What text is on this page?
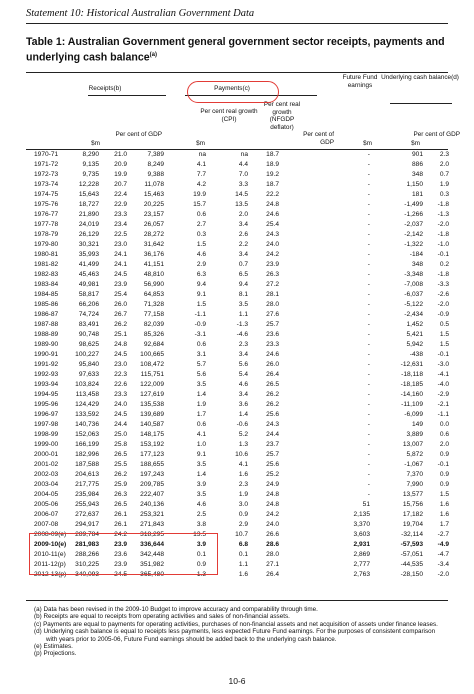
Statement 10: Historical Australian Government Data
Table 1: Australian Government general government sector receipts, payments and underlying cash balance$^{(a)}$
Receipts(b)	Payments(c)
Future Fund earnings
Underlying cash balance(d)
Per cent of GDP
Per cent real growth (CPI)
Per cent real growth (NFGDP deflator)
Per cent of GDP
Per cent of GDP
$m	$m	$m	$m
1970-71	8,290 21.0	7,389	na	na	18.7	-	901	2.3
1971-72	9,135 20.9	8,249	4.1	4.4	18.9	-	886	2.0
1972-73	9,735 19.9	9,388	7.7	7.0	19.2	-	348	0.7
1973-74	12,228 20.7	11,078	4.2	3.3	18.7	-	1,150	1.9
1974-75	15,643 22.4	15,463	19.9	14.5	22.2	-	181	0.3
1975-76	18,727 22.9	20,225	15.7	13.5	24.8	-	-1,499 -1.8
1976-77	21,890 23.3	23,157	0.6	2.0	24.6	-	-1,266 -1.3
1977-78	24,019 23.4	26,057	2.7	3.4	25.4	-	-2,037 -2.0
1978-79	26,129 22.5	28,272	0.3	2.6	24.3	-	-2,142 -1.8
1979-80	30,321 23.0	31,642	1.5	2.2	24.0	-	-1,322 -1.0
1980-81	35,993 24.1	36,176	4.6	3.4	24.2	-	-184 -0.1
1981-82	41,499 24.1	41,151	2.9	0.7	23.9	-	348	0.2
1982-83	45,463 24.5	48,810	6.3	6.5	26.3	-	-3,348 -1.8
1983-84	49,981 23.9	56,990	9.4	9.4	27.2	-	-7,008 -3.3
1984-85	58,817 25.4	64,853	9.1	8.1	28.1	-	-6,037 -2.6
1985-86	66,206 26.0	71,328	1.5	3.5	28.0	-	-5,122 -2.0
1986-87	74,724 26.7	77,158	-1.1	1.1	27.6	-	-2,434 -0.9
1987-88	83,491 26.2	82,039	-0.9	-1.3	25.7	-	1,452	0.5
1988-89	90,748 25.1	85,326	-3.1	-4.6	23.6	-	5,421	1.5
1989-90	98,625 24.8	92,684	0.6	2.3	23.3	-	5,942	1.5
1990-91	100,227 24.5 100,665	3.1	3.4	24.6	-	-438 -0.1
1991-92	95,840 23.0 108,472	5.7	5.6	26.0	-	-12,631 -3.0
1992-93	97,633 22.3 115,751	5.6	5.4	26.4	-	-18,118 -4.1
1993-94	103,824 22.6 122,009	3.5	4.6	26.5	-	-18,185 -4.0
1994-95	113,458 23.3 127,619	1.4	3.4	26.2	-	-14,160 -2.9
1995-96	124,429 24.0 135,538	1.9	3.6	26.2	-	-11,109 -2.1
1996-97	133,592 24.5 139,689	1.7	1.4	25.6	-	-6,099 -1.1
1997-98	140,736 24.4 140,587	0.6	-0.6	24.3	-	149	0.0
1998-99	152,063 25.0 148,175	4.1	5.2	24.4	-	3,889	0.6
1999-00	166,199 25.8 153,192	1.0	1.3	23.7	-	13,007	2.0
2000-01	182,996 26.5 177,123	9.1	10.6	25.7	-	5,872	0.9
2001-02	187,588 25.5 188,655	3.5	4.1	25.6	-	-1,067 -0.1
2002-03	204,613 26.2 197,243	1.4	1.6	25.2	-	7,370	0.9
2003-04	217,775 25.9 209,785	3.9	2.3	24.9	-	7,990	0.9
2004-05	235,984 26.3 222,407	3.5	1.9	24.8	-	13,577	1.5
2005-06	255,943 26.5 240,136	4.6	3.0	24.8	51	15,756	1.6
2006-07	272,637 26.1 253,321	2.5	0.9	24.2	2,135	17,182	1.6
2007-08	294,917 26.1 271,843	3.8	2.9	24.0	3,370	19,704	1.7
2008-09(e) 289,784 24.2 318,295	13.5	10.7	26.6	3,603	-32,114 -2.7
2009-10(e) 281,983 23.9 336,644	3.9	6.8	28.6	2,931	-57,593 -4.9
2010-11(e) 288,266 23.6 342,448	0.1	0.1	28.0	2,869	-57,051 -4.7
2011-12(p) 310,225 23.9 351,982	0.9	1.1	27.1	2,777	-44,535 -3.4
2012-13(p) 340,093 24.5 365,480	1.3	1.6	26.4	2,763	-28,150 -2.0
(a) Data has been revised in the 2009-10 Budget to improve accuracy and comparability through time.
(b) Receipts are equal to receipts from operating activities and sales of non-financial assets.
(c) Payments are equal to payments for operating activities, purchases of non-financial assets and net acquisition of assets under finance leases.
(d) Underlying cash balance is equal to receipts less payments, less expected Future Fund earnings. For the purposes of consistent comparison with years prior to 2005-06, Future Fund earnings should be added back to the underlying cash balance.
(e) Estimates.
(p) Projections.
10-6
